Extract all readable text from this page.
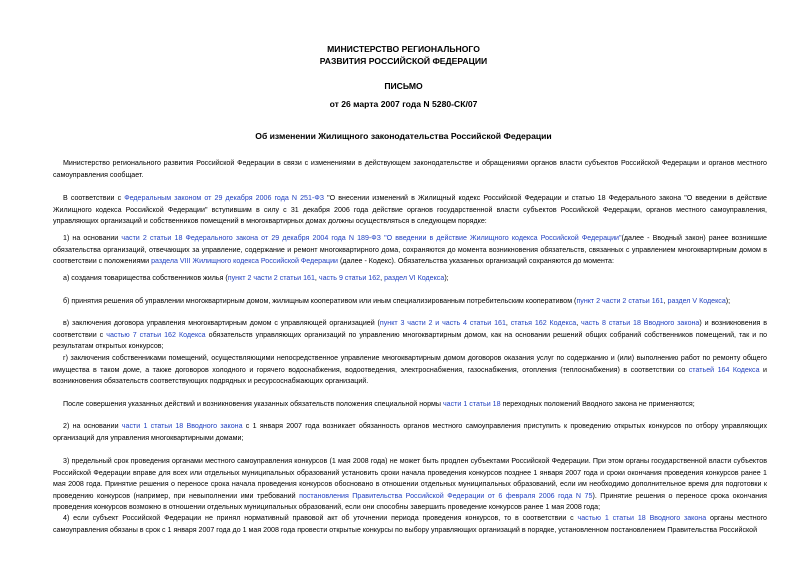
МИНИСТЕРСТВО РЕГИОНАЛЬНОГО
РАЗВИТИЯ РОССИЙСКОЙ ФЕДЕРАЦИИ
ПИСЬМО
от 26 марта 2007 года N 5280-СК/07
Об изменении Жилищного законодательства Российской Федерации
Министерство регионального развития Российской Федерации в связи с изменениями в действующем законодательстве и обращениями органов власти субъектов Российской Федерации и органов местного самоуправления сообщает.
В соответствии с Федеральным законом от 29 декабря 2006 года N 251-ФЗ "О внесении изменений в Жилищный кодекс Российской Федерации и статью 18 Федерального закона "О введении в действие Жилищного кодекса Российской Федерации" вступившим в силу с 31 декабря 2006 года действие органов государственной власти субъектов Российской Федерации, органов местного самоуправления, управляющих организаций и собственников помещений в многоквартирных домах должны осуществляться в следующем порядке:
1) на основании части 2 статьи 18 Федерального закона от 29 декабря 2004 года N 189-ФЗ "О введении в действие Жилищного кодекса Российской Федерации"(далее - Вводный закон) ранее возникшие обязательства организаций, отвечающих за управление, содержание и ремонт многоквартирного дома, сохраняются до момента возникновения обязательств, связанных с управлением многоквартирным домом в соответствии с положениями раздела VIII Жилищного кодекса Российской Федерации (далее - Кодекс). Обязательства указанных организаций сохраняются до момента:
а) создания товарищества собственников жилья (пункт 2 части 2 статьи 161, часть 9 статьи 162, раздел VI Кодекса);
б) принятия решения об управлении многоквартирным домом, жилищным кооперативом или иным специализированным потребительским кооперативом (пункт 2 части 2 статьи 161, раздел V Кодекса);
в) заключения договора управления многоквартирным домом с управляющей организацией (пункт 3 части 2 и часть 4 статьи 161, статья 162 Кодекса, часть 8 статьи 18 Вводного закона) и возникновения в соответствии с частью 7 статьи 162 Кодекса обязательств управляющих организаций по управлению многоквартирным домом, как на основании решений общих собраний собственников помещений, так и по результатам открытых конкурсов;
г) заключения собственниками помещений, осуществляющими непосредственное управление многоквартирным домом договоров оказания услуг по содержанию и (или) выполнению работ по ремонту общего имущества в таком доме, а также договоров холодного и горячего водоснабжения, водоотведения, электроснабжения, газоснабжения, отопления (теплоснабжения) в соответствии со статьей 164 Кодекса и возникновения обязательств соответствующих подрядных и ресурсоснабжающих организаций.
После совершения указанных действий и возникновения указанных обязательств положения специальной нормы части 1 статьи 18 переходных положений Вводного закона не применяются;
2) на основании части 1 статьи 18 Вводного закона с 1 января 2007 года возникает обязанность органов местного самоуправления приступить к проведению открытых конкурсов по отбору управляющих организаций для управления многоквартирными домами;
3) предельный срок проведения органами местного самоуправления конкурсов (1 мая 2008 года) не может быть продлен субъектами Российской Федерации. При этом органы государственной власти субъектов Российской Федерации вправе для всех или отдельных муниципальных образований установить сроки начала проведения конкурсов позднее 1 января 2007 года и сроки окончания проведения конкурсов ранее 1 мая 2008 года. Принятие решения о переносе срока начала проведения конкурсов обосновано в отношении отдельных муниципальных образований, если им необходимо дополнительное время для подготовки к проведению конкурсов (например, при невыполнении ими требований постановления Правительства Российской Федерации от 6 февраля 2006 года N 75). Принятие решения о переносе срока окончания проведения конкурсов возможно в отношении отдельных муниципальных образований, если они способны завершить проведение конкурсов ранее 1 мая 2008 года;
4) если субъект Российской Федерации не принял нормативный правовой акт об уточнении периода проведения конкурсов, то в соответствии с частью 1 статьи 18 Вводного закона органы местного самоуправления обязаны в срок с 1 января 2007 года до 1 мая 2008 года провести открытые конкурсы по выбору управляющих организаций в порядке, установленном постановлением Правительства Российской
